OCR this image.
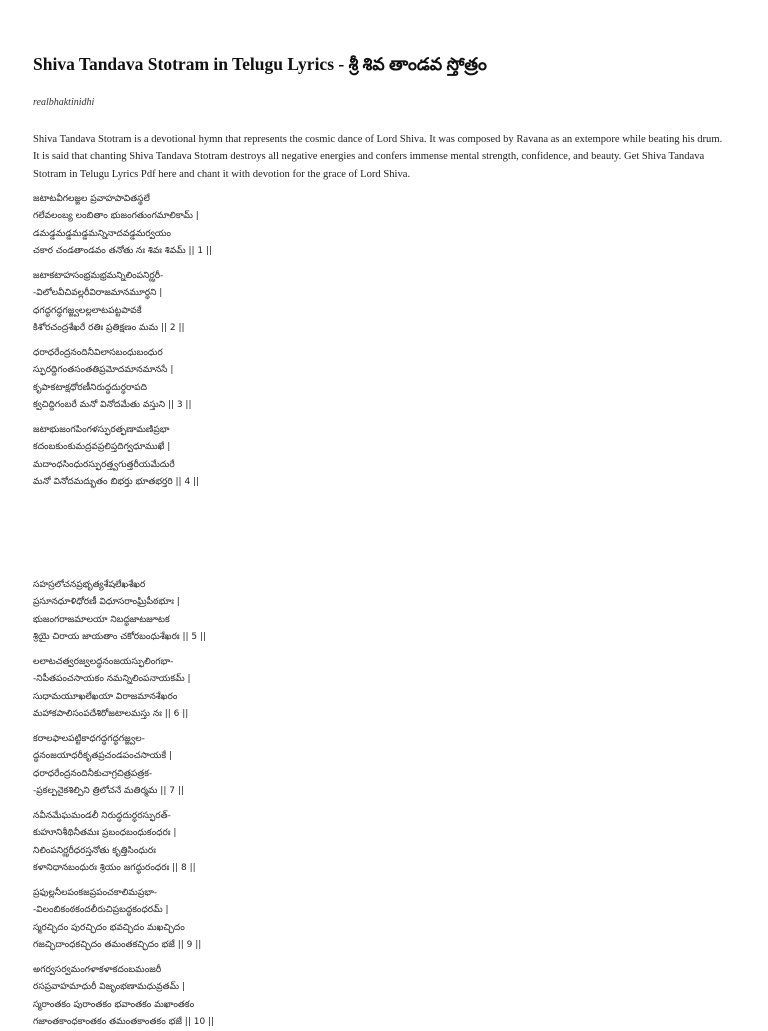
Shiva Tandava Stotram in Telugu Lyrics - శ్రీ శివ తాండవ స్తోత్రం
realbhaktinidhi

Shiva Tandava Stotram is a devotional hymn that represents the cosmic dance of Lord Shiva. It was composed by Ravana as an extempore while beating his drum. It is said that chanting Shiva Tandava Stotram destroys all negative energies and confers immense mental strength, confidence, and beauty. Get Shiva Tandava Stotram in Telugu Lyrics Pdf here and chant it with devotion for the grace of Lord Shiva.

జటాటవీగలజ్జల ప్రవాహపావితస్థలే
గలేవలంబ్య లంబితాం భుజంగతుంగమాలికామ్ |
డమడ్డమడ్డమడ్డమన్నినాదవడ్డమర్వయం
చకార చండతాండవం తనోతు నః శివః శివమ్ || 1 ||
జటాకటాహసంభ్రమభ్రమన్నిలింపనిర్ఝరీ-
-విలోలవీచివల్లరీవిరాజమానమూర్ధని |
ధగద్ధగద్ధగజ్జ్వలల్లలాటపట్టపావకే
కిశోరచంద్రశేఖరే రతిః ప్రతిక్షణం మమ || 2 ||
ధరాధరేంద్రనందినీవిలాసబంధుబంధుర
స్ఫురద్దిగంతసంతతిప్రమోదమానమానసే |
కృపాకటాక్షధోరణీనిరుద్ధదుర్ధరాపది
క్వచిద్దిగంబరే మనో వినోదమేతు వస్తుని || 3 ||
జటాభుజంగపింగళస్ఫురత్ఫణామణిప్రభా
కదంబకుంకుమద్రవప్రలిప్తదిగ్వధూముఖే |
మదాంధసింధురస్ఫురత్త్వగుత్తరీయమేదురే
మనో వినోదమద్భుతం బిభర్తు భూతభర్తరి || 4 ||
సహస్రలోచనప్రభృత్యశేషలేఖశేఖర
ప్రసూనధూళిధోరణీ విధూసరాంఘ్రిపీఠభూః |
భుజంగరాజమాలయా నిబద్ధజాటజూటక
శ్రియై చిరాయ జాయతాం చకోరబంధుశేఖరః || 5 ||
లలాటచత్వరజ్వలద్ధనంజయస్ఫులింగభా-
-నిపీతపంచసాయకం నమన్నిలింపనాయకమ్ |
సుధామయూఖలేఖయా విరాజమానశేఖరం
మహాకపాలిసంపదేశిరోజటాలమస్తు నః || 6 ||
కరాలఫాలపట్టికాధగద్ధగద్ధగజ్జ్వల-
ద్ధనంజయాధరీకృతప్రచండపంచసాయకే |
ధరాధరేంద్రనందినీకుచాగ్రచిత్రపత్రక-
-ప్రకల్పనైకశిల్పిని త్రిలోచనే మతిర్మమ || 7 ||
నవీనమేఘమండలీ నిరుద్ధదుర్ధరస్ఫురత్-
కుహూనిశీథినీతమః ప్రబంధబంధుకంధరః |
నిలింపనిర్ఝరీధరస్తనోతు కృత్తిసింధురః
కళానిధానబంధురః శ్రియం జగద్ధురంధరః || 8 ||
ప్రఫుల్లనీలపంకజప్రపంచకాలిమప్రభా-
-విలంబికంఠకందలీరుచిప్రబద్ధకంధరమ్ |
స్మరచ్ఛిదం పురచ్ఛిదం భవచ్ఛిదం మఖచ్ఛిదం
గజచ్ఛిదాంధకచ్ఛిదం తమంతకచ్ఛిదం భజే || 9 ||
అగర్వసర్వమంగళాకళాకదంబమంజరీ
రసప్రవాహమాధురీ విజృంభణామధువ్రతమ్ |
స్మరాంతకం పురాంతకం భవాంతకం మఖాంతకం
గజాంతకాంధకాంతకం తమంతకాంతకం భజే || 10 ||
